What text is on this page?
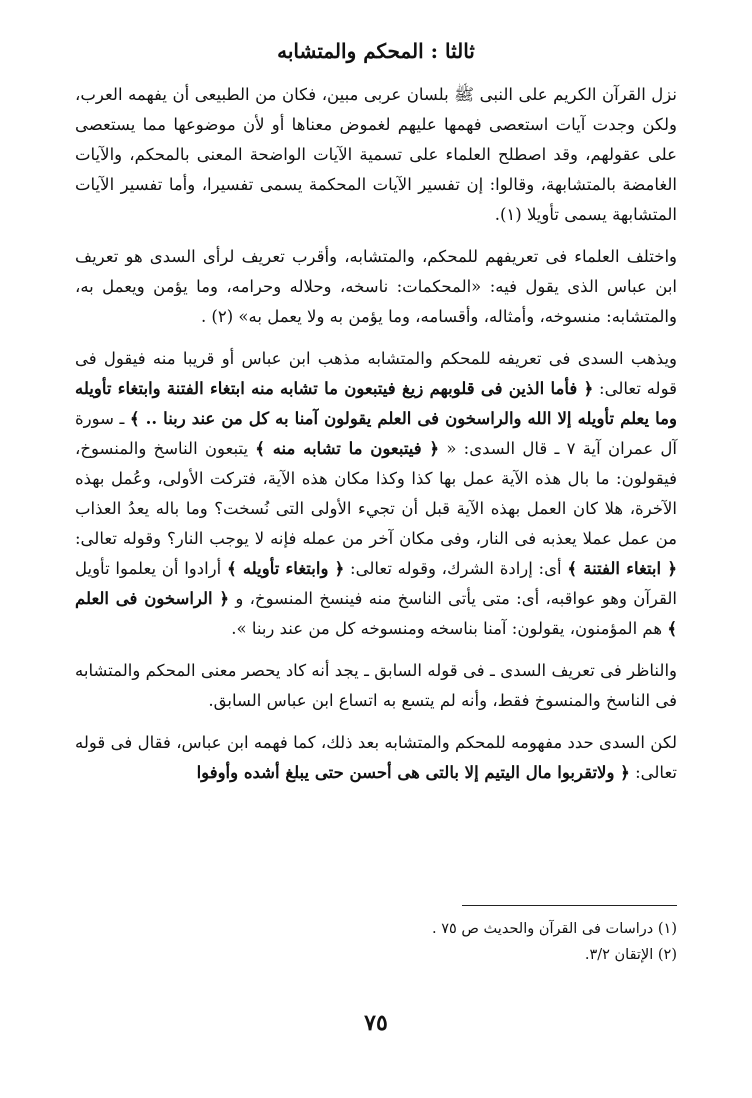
ثالثا : المحكم والمتشابه

نزل القرآن الكريم على النبى ﷺ بلسان عربى مبين، فكان من الطبيعى أن يفهمه العرب، ولكن وجدت آيات استعصى فهمها عليهم لغموض معناها أو لأن موضوعها مما يستعصى على عقولهم، وقد اصطلح العلماء على تسمية الآيات الواضحة المعنى بالمحكم، والآيات الغامضة بالمتشابهة، وقالوا: إن تفسير الآيات المحكمة يسمى تفسيرا، وأما تفسير الآيات المتشابهة يسمى تأويلا (١).

واختلف العلماء فى تعريفهم للمحكم، والمتشابه، وأقرب تعريف لرأى السدى هو تعريف ابن عباس الذى يقول فيه: «المحكمات: ناسخه، وحلاله وحرامه، وما يؤمن ويعمل به، والمتشابه: منسوخه، وأمثاله، وأقسامه، وما يؤمن به ولا يعمل به» (٢) .

ويذهب السدى فى تعريفه للمحكم والمتشابه مذهب ابن عباس أو قريبا منه فيقول فى قوله تعالى: ﴿ فأما الذين فى قلوبهم زيغ فيتبعون ما تشابه منه ابتغاء الفتنة وابتغاء تأويله وما يعلم تأويله إلا الله والراسخون فى العلم يقولون آمنا به كل من عند ربنا .. ﴾ ـ سورة آل عمران آية ٧ ـ قال السدى: « ﴿ فيتبعون ما تشابه منه ﴾ يتبعون الناسخ والمنسوخ، فيقولون: ما بال هذه الآية عمل بها كذا وكذا مكان هذه الآية، فتركت الأولى، وعُمل بهذه الآخرة، هلا كان العمل بهذه الآية قبل أن تجيء الأولى التى نُسخت؟ وما باله يعدُ العذاب من عمل عملا يعذبه فى النار، وفى مكان آخر من عمله فإنه لا يوجب النار؟ وقوله تعالى: ﴿ ابتغاء الفتنة ﴾ أى: إرادة الشرك، وقوله تعالى: ﴿ وابتغاء تأويله ﴾ أرادوا أن يعلموا تأويل القرآن وهو عواقبه، أى: متى يأتى الناسخ منه فينسخ المنسوخ، و ﴿ الراسخون فى العلم ﴾ هم المؤمنون، يقولون: آمنا بناسخه ومنسوخه كل من عند ربنا ».

والناظر فى تعريف السدى ـ فى قوله السابق ـ يجد أنه كاد يحصر معنى المحكم والمتشابه فى الناسخ والمنسوخ فقط، وأنه لم يتسع به اتساع ابن عباس السابق.

لكن السدى حدد مفهومه للمحكم والمتشابه بعد ذلك، كما فهمه ابن عباس، فقال فى قوله تعالى: ﴿ ولاتقربوا مال اليتيم إلا بالتى هى أحسن حتى يبلغ أشده وأوفوا

(١) دراسات فى القرآن والحديث ص ٧٥ .
(٢) الإتقان ٣/٢.
٧٥
